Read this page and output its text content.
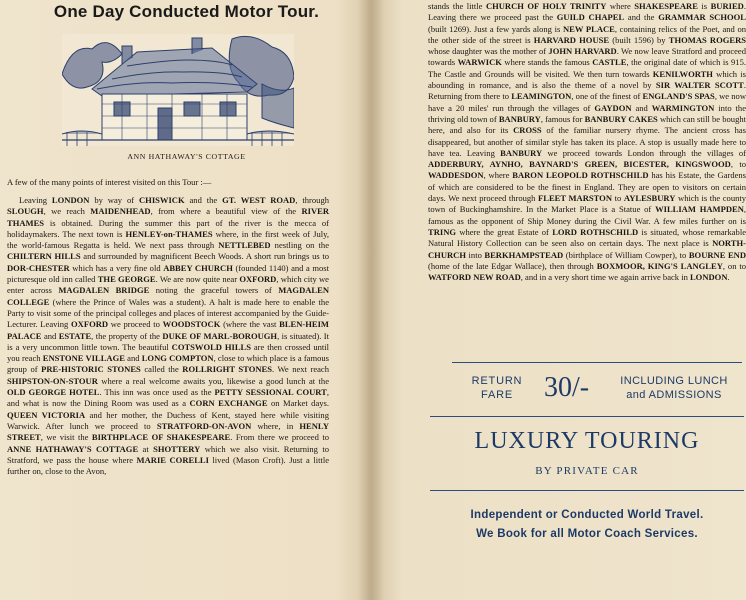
One Day Conducted Motor Tour.
ANN HATHAWAY'S COTTAGE
A few of the many points of interest visited on this Tour :—
Leaving LONDON by way of CHISWICK and the GT. WEST ROAD, through SLOUGH, we reach MAIDENHEAD, from where a beautiful view of the RIVER THAMES is obtained. During the summer this part of the river is the mecca of holidaymakers. The next town is HENLEY-on-THAMES where, in the first week of July, the world-famous Regatta is held. We next pass through NETTLEBED nestling on the CHILTERN HILLS and surrounded by magnificent Beech Woods. A short run brings us to DOR-CHESTER which has a very fine old ABBEY CHURCH (founded 1140) and a most picturesque old inn called THE GEORGE. We are now quite near OXFORD, which city we enter across MAGDALEN BRIDGE noting the graceful towers of MAGDALEN COLLEGE (where the Prince of Wales was a student). A halt is made here to enable the Party to visit some of the principal colleges and places of interest accompanied by the Guide-Lecturer. Leaving OXFORD we proceed to WOODSTOCK (where the vast BLEN-HEIM PALACE and ESTATE, the property of the DUKE OF MARL-BOROUGH, is situated). It is a very uncommon little town. The beautiful COTSWOLD HILLS are then crossed until you reach ENSTONE VILLAGE and LONG COMPTON, close to which place is a famous group of PRE-HISTORIC STONES called the ROLLRIGHT STONES. We next reach SHIPSTON-ON-STOUR where a real welcome awaits you, likewise a good lunch at the OLD GEORGE HOTEL. This inn was once used as the PETTY SESSIONAL COURT, and what is now the Dining Room was used as a CORN EXCHANGE on Market days. QUEEN VICTORIA and her mother, the Duchess of Kent, stayed here while visiting Warwick. After lunch we proceed to STRATFORD-ON-AVON where, in HENLY STREET, we visit the BIRTHPLACE OF SHAKESPEARE. From there we proceed to ANNE HATHAWAY'S COTTAGE at SHOTTERY which we also visit. Returning to Stratford, we pass the house where MARIE CORELLI lived (Mason Croft). Just a little further on, close to the Avon,
stands the little CHURCH OF HOLY TRINITY where SHAKESPEARE is BURIED. Leaving there we proceed past the GUILD CHAPEL and the GRAMMAR SCHOOL (built 1269). Just a few yards along is NEW PLACE, containing relics of the Poet, and on the other side of the street is HARVARD HOUSE (built 1596) by THOMAS ROGERS whose daughter was the mother of JOHN HARVARD. We now leave Stratford and proceed towards WARWICK where stands the famous CASTLE, the original date of which is 915. The Castle and Grounds will be visited. We then turn towards KENILWORTH which is abounding in romance, and is also the theme of a novel by SIR WALTER SCOTT. Returning from there to LEAMINGTON, one of the finest of ENGLAND'S SPAS, we now have a 20 miles' run through the villages of GAYDON and WARMINGTON into the thriving old town of BANBURY, famous for BANBURY CAKES which can still be bought here, and also for its CROSS of the familiar nursery rhyme. The ancient cross has disappeared, but another of similar style has taken its place. A stop is usually made here to have tea. Leaving BANBURY we proceed towards London through the villages of ADDERBURY, AYNHO, BAYNARD'S GREEN, BICESTER, KINGSWOOD, to WADDESDON, where BARON LEOPOLD ROTHSCHILD has his Estate, the Gardens of which are considered to be the finest in England. They are open to visitors on certain days. We next proceed through FLEET MARSTON to AYLESBURY which is the county town of Buckinghamshire. In the Market Place is a Statue of WILLIAM HAMPDEN, famous as the opponent of Ship Money during the Civil War. A few miles further on is TRING where the great Estate of LORD ROTHSCHILD is situated, whose remarkable Natural History Collection can be seen also on certain days. The next place is NORTH-CHURCH into BERKHAMPSTEAD (birthplace of William Cowper), to BOURNE END (home of the late Edgar Wallace), then through BOXMOOR, KING'S LANGLEY, on to WATFORD NEW ROAD, and in a very short time we again arrive back in LONDON.
RETURN
FARE	30/-	INCLUDING LUNCH
and ADMISSIONS
LUXURY TOURING
BY PRIVATE CAR
Independent or Conducted World Travel.
We Book for all Motor Coach Services.
